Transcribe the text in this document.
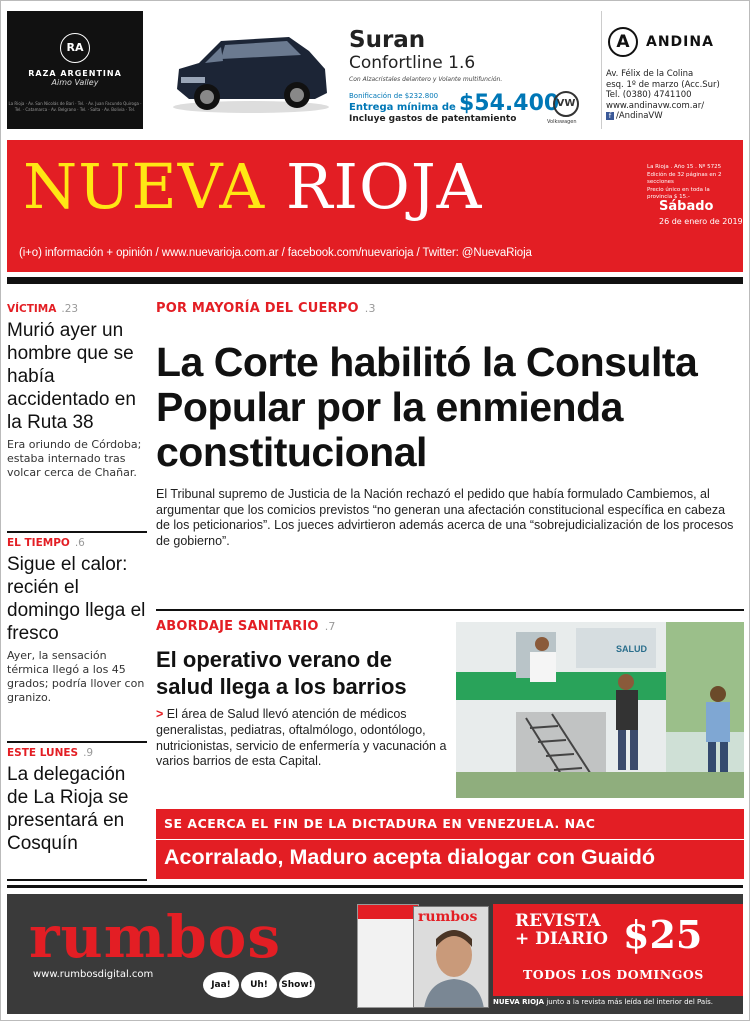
RA
RAZA ARGENTINA
Aimo Valley
La Rioja · Av. San Nicolás de Bari · Tel. · Av. Juan Facundo Quiroga · Tel. · Catamarca · Av. Belgrano · Tel. · Salta · Av. Bolivia · Tel.
Suran
Confortline 1.6
Con Alzacristales delantero y Volante multifunción.
Bonificación de $232.800
Entrega mínima de $54.400
Incluye gastos de patentamiento
VW
Volkswagen
A	ANDINA
Av. Félix de la Colina
esq. 1º de marzo (Acc.Sur)
Tel. (0380) 4741100
www.andinavw.com.ar/
f /AndinaVW
NUEVA RIOJA	La Rioja . Año 15 . Nº 5725
Edición de 32 páginas en 2 secciones
Precio único en toda la provincia $ 15.-
Sábado
26 de enero de 2019
(i+o) información + opinión / www.nuevarioja.com.ar / facebook.com/nuevarioja / Twitter: @NuevaRioja
VÍCTIMA .23
Murió ayer un hombre que se había accidentado en la Ruta 38
Era oriundo de Córdoba; estaba internado tras volcar cerca de Chañar.
EL TIEMPO .6
Sigue el calor: recién el domingo llega el fresco
Ayer, la sensación térmica llegó a los 45 grados; podría llover con granizo.
ESTE LUNES .9
La delegación de La Rioja se presentará en Cosquín
POR MAYORÍA DEL CUERPO .3
La Corte habilitó la Consulta Popular por la enmienda constitucional
El Tribunal supremo de Justicia de la Nación rechazó el pedido que había formulado Cambiemos, al argumentar que los comicios previstos “no generan una afectación constitucional específica en cabeza de los peticionarios”. Los jueces advirtieron además acerca de una “sobrejudicialización de los procesos de gobierno”.
ABORDAJE SANITARIO .7
El operativo verano de salud llega a los barrios
> El área de Salud llevó atención de médicos generalistas, pediatras, oftalmólogo, odontólogo, nutricionistas, servicio de enfermería y vacunación a varios barrios de esta Capital.
SALUD
SE ACERCA EL FIN DE LA DICTADURA EN VENEZUELA. NAC
Acorralado, Maduro acepta dialogar con Guaidó
rumbos
www.rumbosdigital.com
Jaa! Uh! Show!
rumbos REVISTA
+ DIARIO $25
TODOS LOS DOMINGOS
NUEVA RIOJA junto a la revista más leída del interior del País.
